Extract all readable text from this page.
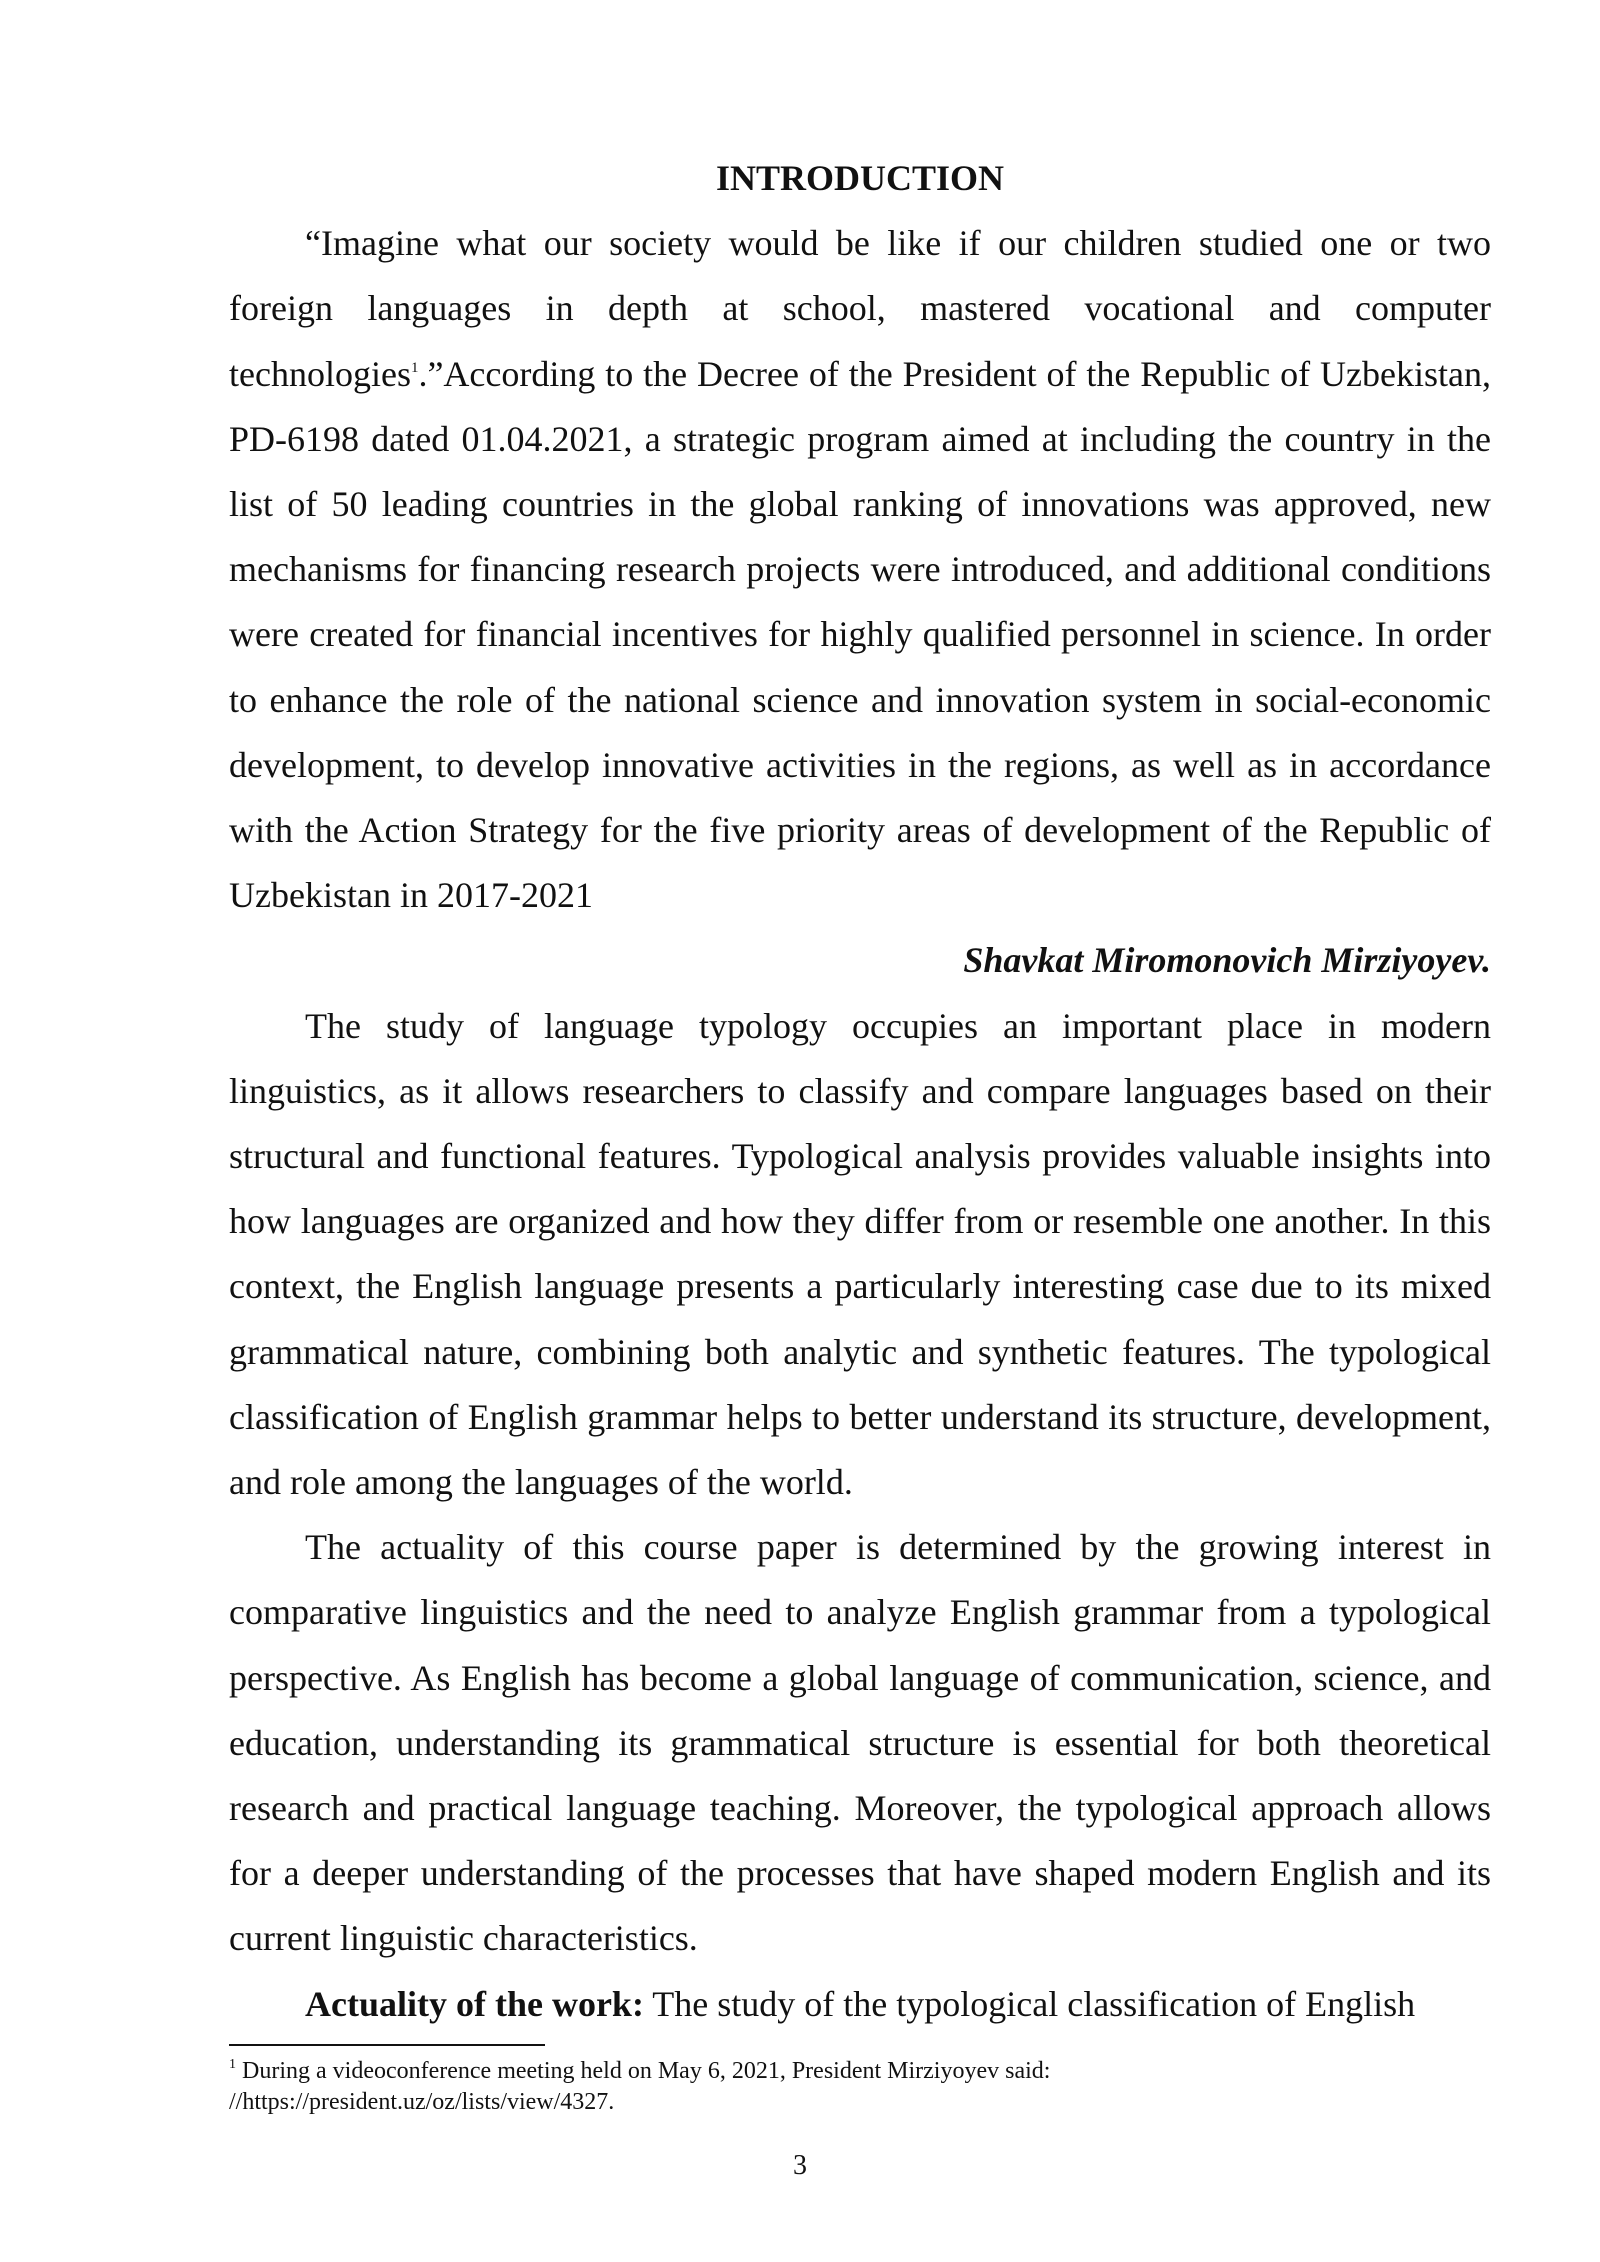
INTRODUCTION

“Imagine what our society would be like if our children studied one or two foreign languages in depth at school, mastered vocational and computer technologies$^1$.”According to the Decree of the President of the Republic of Uzbekistan, PD-6198 dated 01.04.2021, a strategic program aimed at including the country in the list of 50 leading countries in the global ranking of innovations was approved, new mechanisms for financing research projects were introduced, and additional conditions were created for financial incentives for highly qualified personnel in science. In order to enhance the role of the national science and innovation system in social-economic development, to develop innovative activities in the regions, as well as in accordance with the Action Strategy for the five priority areas of development of the Republic of Uzbekistan in 2017-2021

Shavkat Miromonovich Mirziyoyev.

The study of language typology occupies an important place in modern linguistics, as it allows researchers to classify and compare languages based on their structural and functional features. Typological analysis provides valuable insights into how languages are organized and how they differ from or resemble one another. In this context, the English language presents a particularly interesting case due to its mixed grammatical nature, combining both analytic and synthetic features. The typological classification of English grammar helps to better understand its structure, development, and role among the languages of the world.

The actuality of this course paper is determined by the growing interest in comparative linguistics and the need to analyze English grammar from a typological perspective. As English has become a global language of communication, science, and education, understanding its grammatical structure is essential for both theoretical research and practical language teaching. Moreover, the typological approach allows for a deeper understanding of the processes that have shaped modern English and its current linguistic characteristics.

Actuality of the work: The study of the typological classification of English

$^1$ During a videoconference meeting held on May 6, 2021, President Mirziyoyev said:
//https://president.uz/oz/lists/view/4327.
3
